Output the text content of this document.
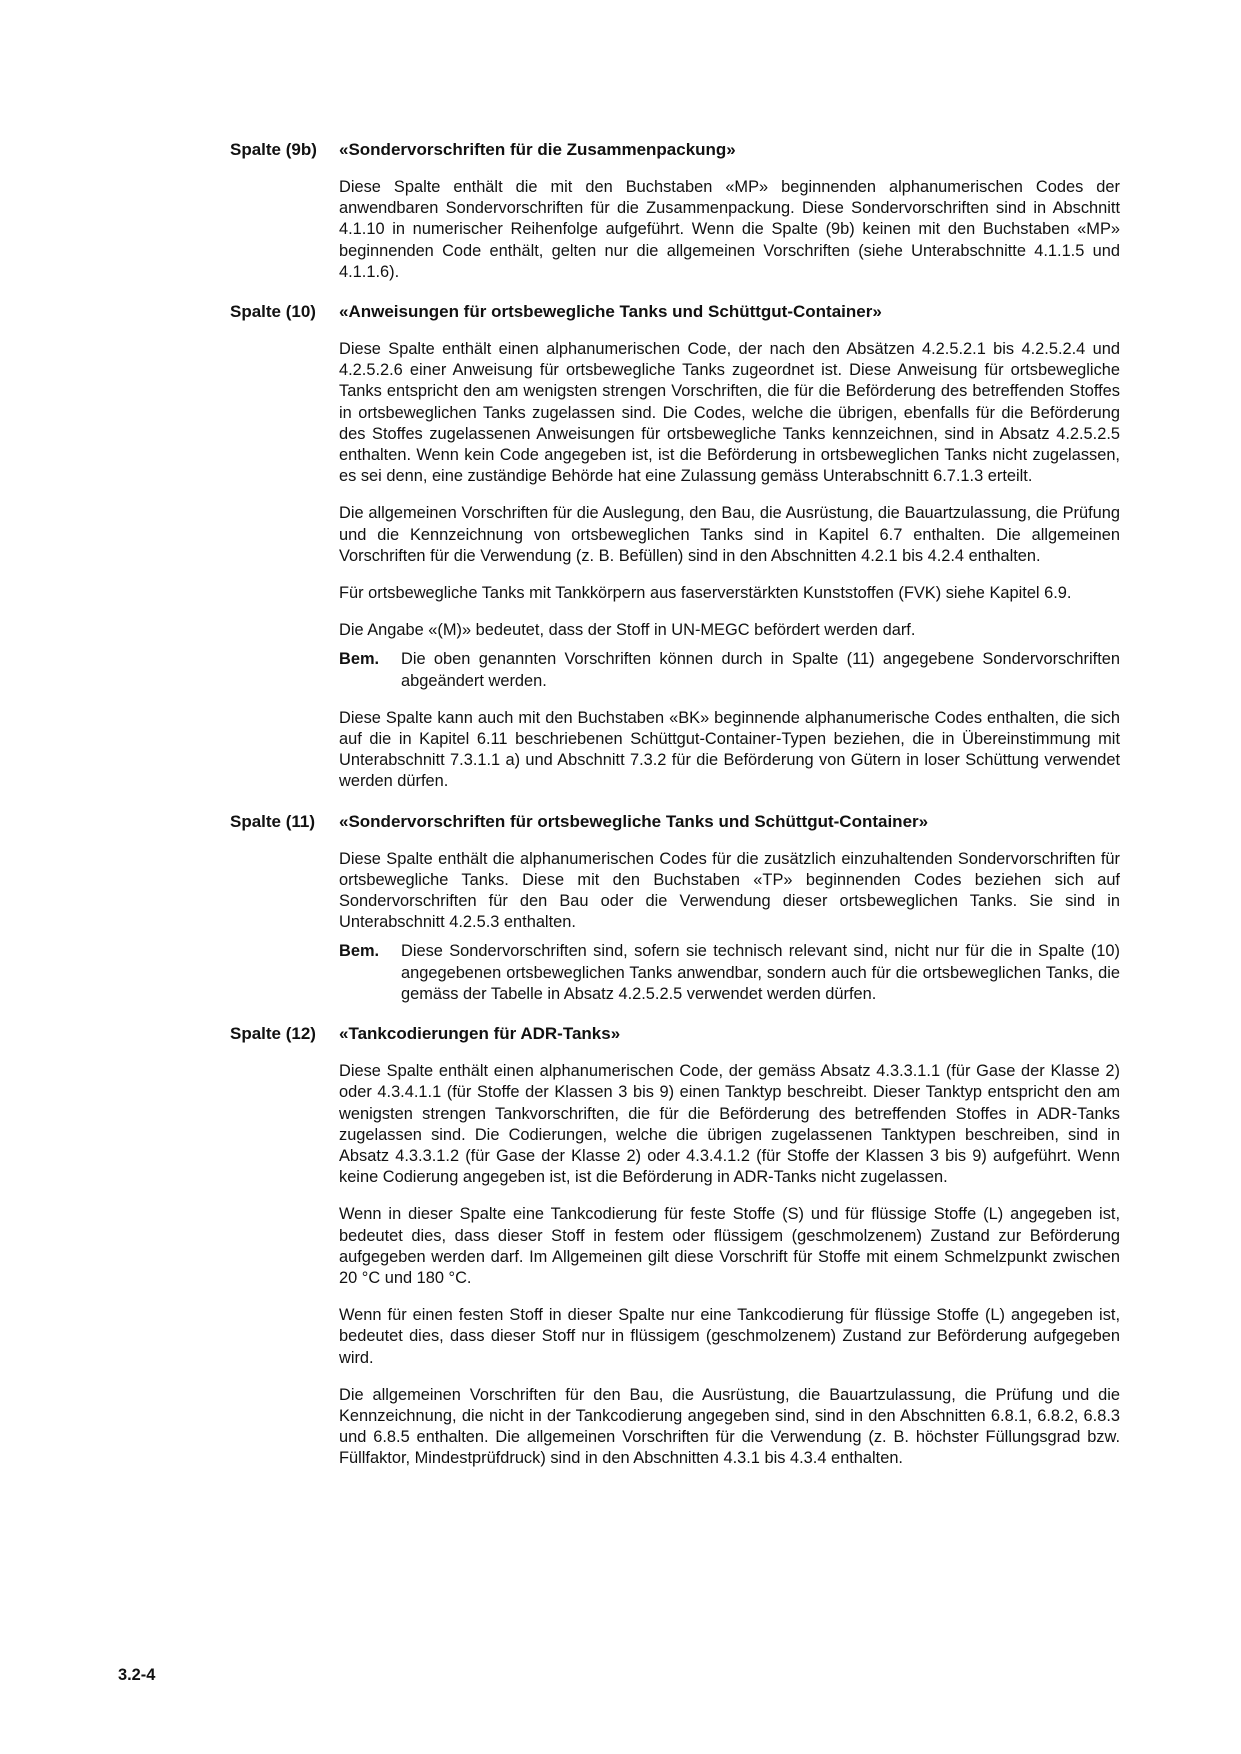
Spalte (9b)	«Sondervorschriften für die Zusammenpackung»

Diese Spalte enthält die mit den Buchstaben «MP» beginnenden alphanumerischen Codes der anwendbaren Sondervorschriften für die Zusammenpackung. Diese Sondervorschriften sind in Abschnitt 4.1.10 in numerischer Reihenfolge aufgeführt. Wenn die Spalte (9b) keinen mit den Buchstaben «MP» beginnenden Code enthält, gelten nur die allgemeinen Vorschriften (siehe Unterabschnitte 4.1.1.5 und 4.1.1.6).

Spalte (10)	«Anweisungen für ortsbewegliche Tanks und Schüttgut-Container»

Diese Spalte enthält einen alphanumerischen Code, der nach den Absätzen 4.2.5.2.1 bis 4.2.5.2.4 und 4.2.5.2.6 einer Anweisung für ortsbewegliche Tanks zugeordnet ist. Diese Anweisung für ortsbewegliche Tanks entspricht den am wenigsten strengen Vorschriften, die für die Beförderung des betreffenden Stoffes in ortsbeweglichen Tanks zugelassen sind. Die Codes, welche die übrigen, ebenfalls für die Beförderung des Stoffes zugelassenen Anweisungen für ortsbewegliche Tanks kennzeichnen, sind in Absatz 4.2.5.2.5 enthalten. Wenn kein Code angegeben ist, ist die Beförderung in ortsbeweglichen Tanks nicht zugelassen, es sei denn, eine zuständige Behörde hat eine Zulassung gemäss Unterabschnitt 6.7.1.3 erteilt.

Die allgemeinen Vorschriften für die Auslegung, den Bau, die Ausrüstung, die Bauartzulassung, die Prüfung und die Kennzeichnung von ortsbeweglichen Tanks sind in Kapitel 6.7 enthalten. Die allgemeinen Vorschriften für die Verwendung (z. B. Befüllen) sind in den Abschnitten 4.2.1 bis 4.2.4 enthalten.

Für ortsbewegliche Tanks mit Tankkörpern aus faserverstärkten Kunststoffen (FVK) siehe Kapitel 6.9.

Die Angabe «(M)» bedeutet, dass der Stoff in UN-MEGC befördert werden darf.

Bem.	Die oben genannten Vorschriften können durch in Spalte (11) angegebene Sondervorschriften abgeändert werden.

Diese Spalte kann auch mit den Buchstaben «BK» beginnende alphanumerische Codes enthalten, die sich auf die in Kapitel 6.11 beschriebenen Schüttgut-Container-Typen beziehen, die in Übereinstimmung mit Unterabschnitt 7.3.1.1 a) und Abschnitt 7.3.2 für die Beförderung von Gütern in loser Schüttung verwendet werden dürfen.

Spalte (11)	«Sondervorschriften für ortsbewegliche Tanks und Schüttgut-Container»

Diese Spalte enthält die alphanumerischen Codes für die zusätzlich einzuhaltenden Sondervorschriften für ortsbewegliche Tanks. Diese mit den Buchstaben «TP» beginnenden Codes beziehen sich auf Sondervorschriften für den Bau oder die Verwendung dieser ortsbeweglichen Tanks. Sie sind in Unterabschnitt 4.2.5.3 enthalten.

Bem.	Diese Sondervorschriften sind, sofern sie technisch relevant sind, nicht nur für die in Spalte (10) angegebenen ortsbeweglichen Tanks anwendbar, sondern auch für die ortsbeweglichen Tanks, die gemäss der Tabelle in Absatz 4.2.5.2.5 verwendet werden dürfen.
Spalte (12)	«Tankcodierungen für ADR-Tanks»

Diese Spalte enthält einen alphanumerischen Code, der gemäss Absatz 4.3.3.1.1 (für Gase der Klasse 2) oder 4.3.4.1.1 (für Stoffe der Klassen 3 bis 9) einen Tanktyp beschreibt. Dieser Tanktyp entspricht den am wenigsten strengen Tankvorschriften, die für die Beförderung des betreffenden Stoffes in ADR-Tanks zugelassen sind. Die Codierungen, welche die übrigen zugelassenen Tanktypen beschreiben, sind in Absatz 4.3.3.1.2 (für Gase der Klasse 2) oder 4.3.4.1.2 (für Stoffe der Klassen 3 bis 9) aufgeführt. Wenn keine Codierung angegeben ist, ist die Beförderung in ADR-Tanks nicht zugelassen.

Wenn in dieser Spalte eine Tankcodierung für feste Stoffe (S) und für flüssige Stoffe (L) angegeben ist, bedeutet dies, dass dieser Stoff in festem oder flüssigem (geschmolzenem) Zustand zur Beförderung aufgegeben werden darf. Im Allgemeinen gilt diese Vorschrift für Stoffe mit einem Schmelzpunkt zwischen 20 °C und 180 °C.

Wenn für einen festen Stoff in dieser Spalte nur eine Tankcodierung für flüssige Stoffe (L) angegeben ist, bedeutet dies, dass dieser Stoff nur in flüssigem (geschmolzenem) Zustand zur Beförderung aufgegeben wird.

Die allgemeinen Vorschriften für den Bau, die Ausrüstung, die Bauartzulassung, die Prüfung und die Kennzeichnung, die nicht in der Tankcodierung angegeben sind, sind in den Abschnitten 6.8.1, 6.8.2, 6.8.3 und 6.8.5 enthalten. Die allgemeinen Vorschriften für die Verwendung (z. B. höchster Füllungsgrad bzw. Füllfaktor, Mindestprüfdruck) sind in den Abschnitten 4.3.1 bis 4.3.4 enthalten.

3.2-4
